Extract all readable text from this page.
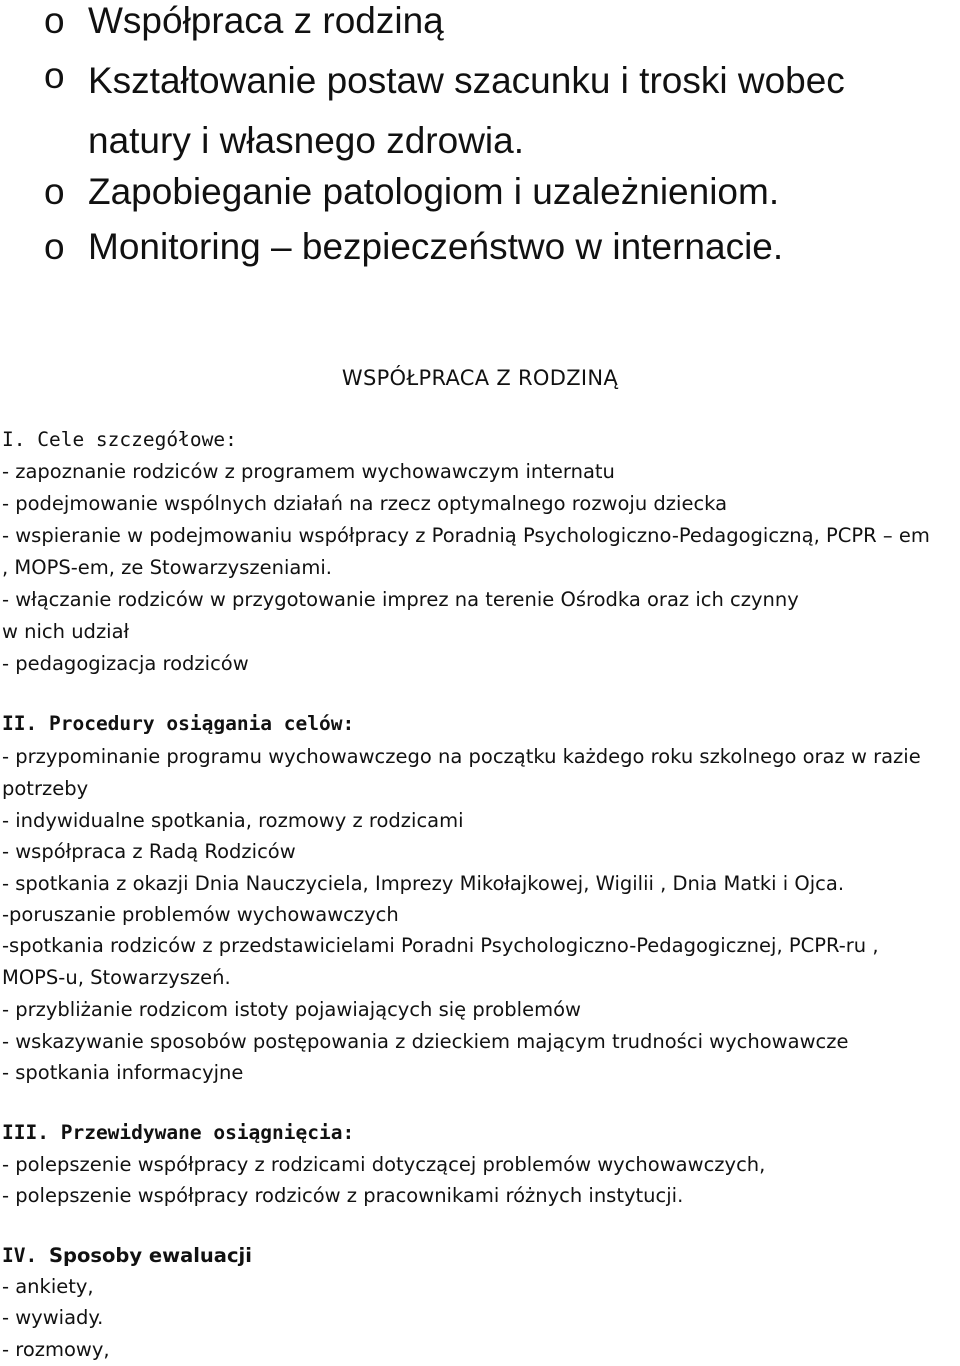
o Współpraca z rodziną
o Kształtowanie postaw szacunku i troski wobec natury i własnego zdrowia.
o Zapobieganie patologiom i uzależnieniom.
o Monitoring – bezpieczeństwo w internacie.
WSPÓŁPRACA Z RODZINĄ
I. Cele szczegółowe:
- zapoznanie rodziców z programem wychowawczym internatu
- podejmowanie wspólnych działań na rzecz optymalnego rozwoju dziecka
- wspieranie w podejmowaniu współpracy z Poradnią Psychologiczno-Pedagogiczną, PCPR – em
, MOPS-em, ze Stowarzyszeniami.
- włączanie rodziców w przygotowanie imprez na terenie Ośrodka oraz ich czynny
w nich udział
- pedagogizacja rodziców
II. Procedury osiągania celów:
- przypominanie programu wychowawczego na początku każdego roku szkolnego oraz w razie
potrzeby
- indywidualne spotkania, rozmowy z rodzicami
- współpraca z Radą Rodziców
- spotkania z okazji Dnia Nauczyciela, Imprezy Mikołajkowej, Wigilii , Dnia Matki i Ojca.
-poruszanie problemów wychowawczych
-spotkania rodziców z przedstawicielami Poradni Psychologiczno-Pedagogicznej, PCPR-ru ,
MOPS-u, Stowarzyszeń.
- przybliżanie rodzicom istoty pojawiających się problemów
- wskazywanie sposobów postępowania z dzieckiem mającym trudności wychowawcze
- spotkania informacyjne
III. Przewidywane osiągnięcia:
- polepszenie współpracy z rodzicami dotyczącej problemów wychowawczych,
- polepszenie współpracy rodziców z pracownikami różnych instytucji.
IV. Sposoby ewaluacji
- ankiety,
- wywiady.
- rozmowy,
